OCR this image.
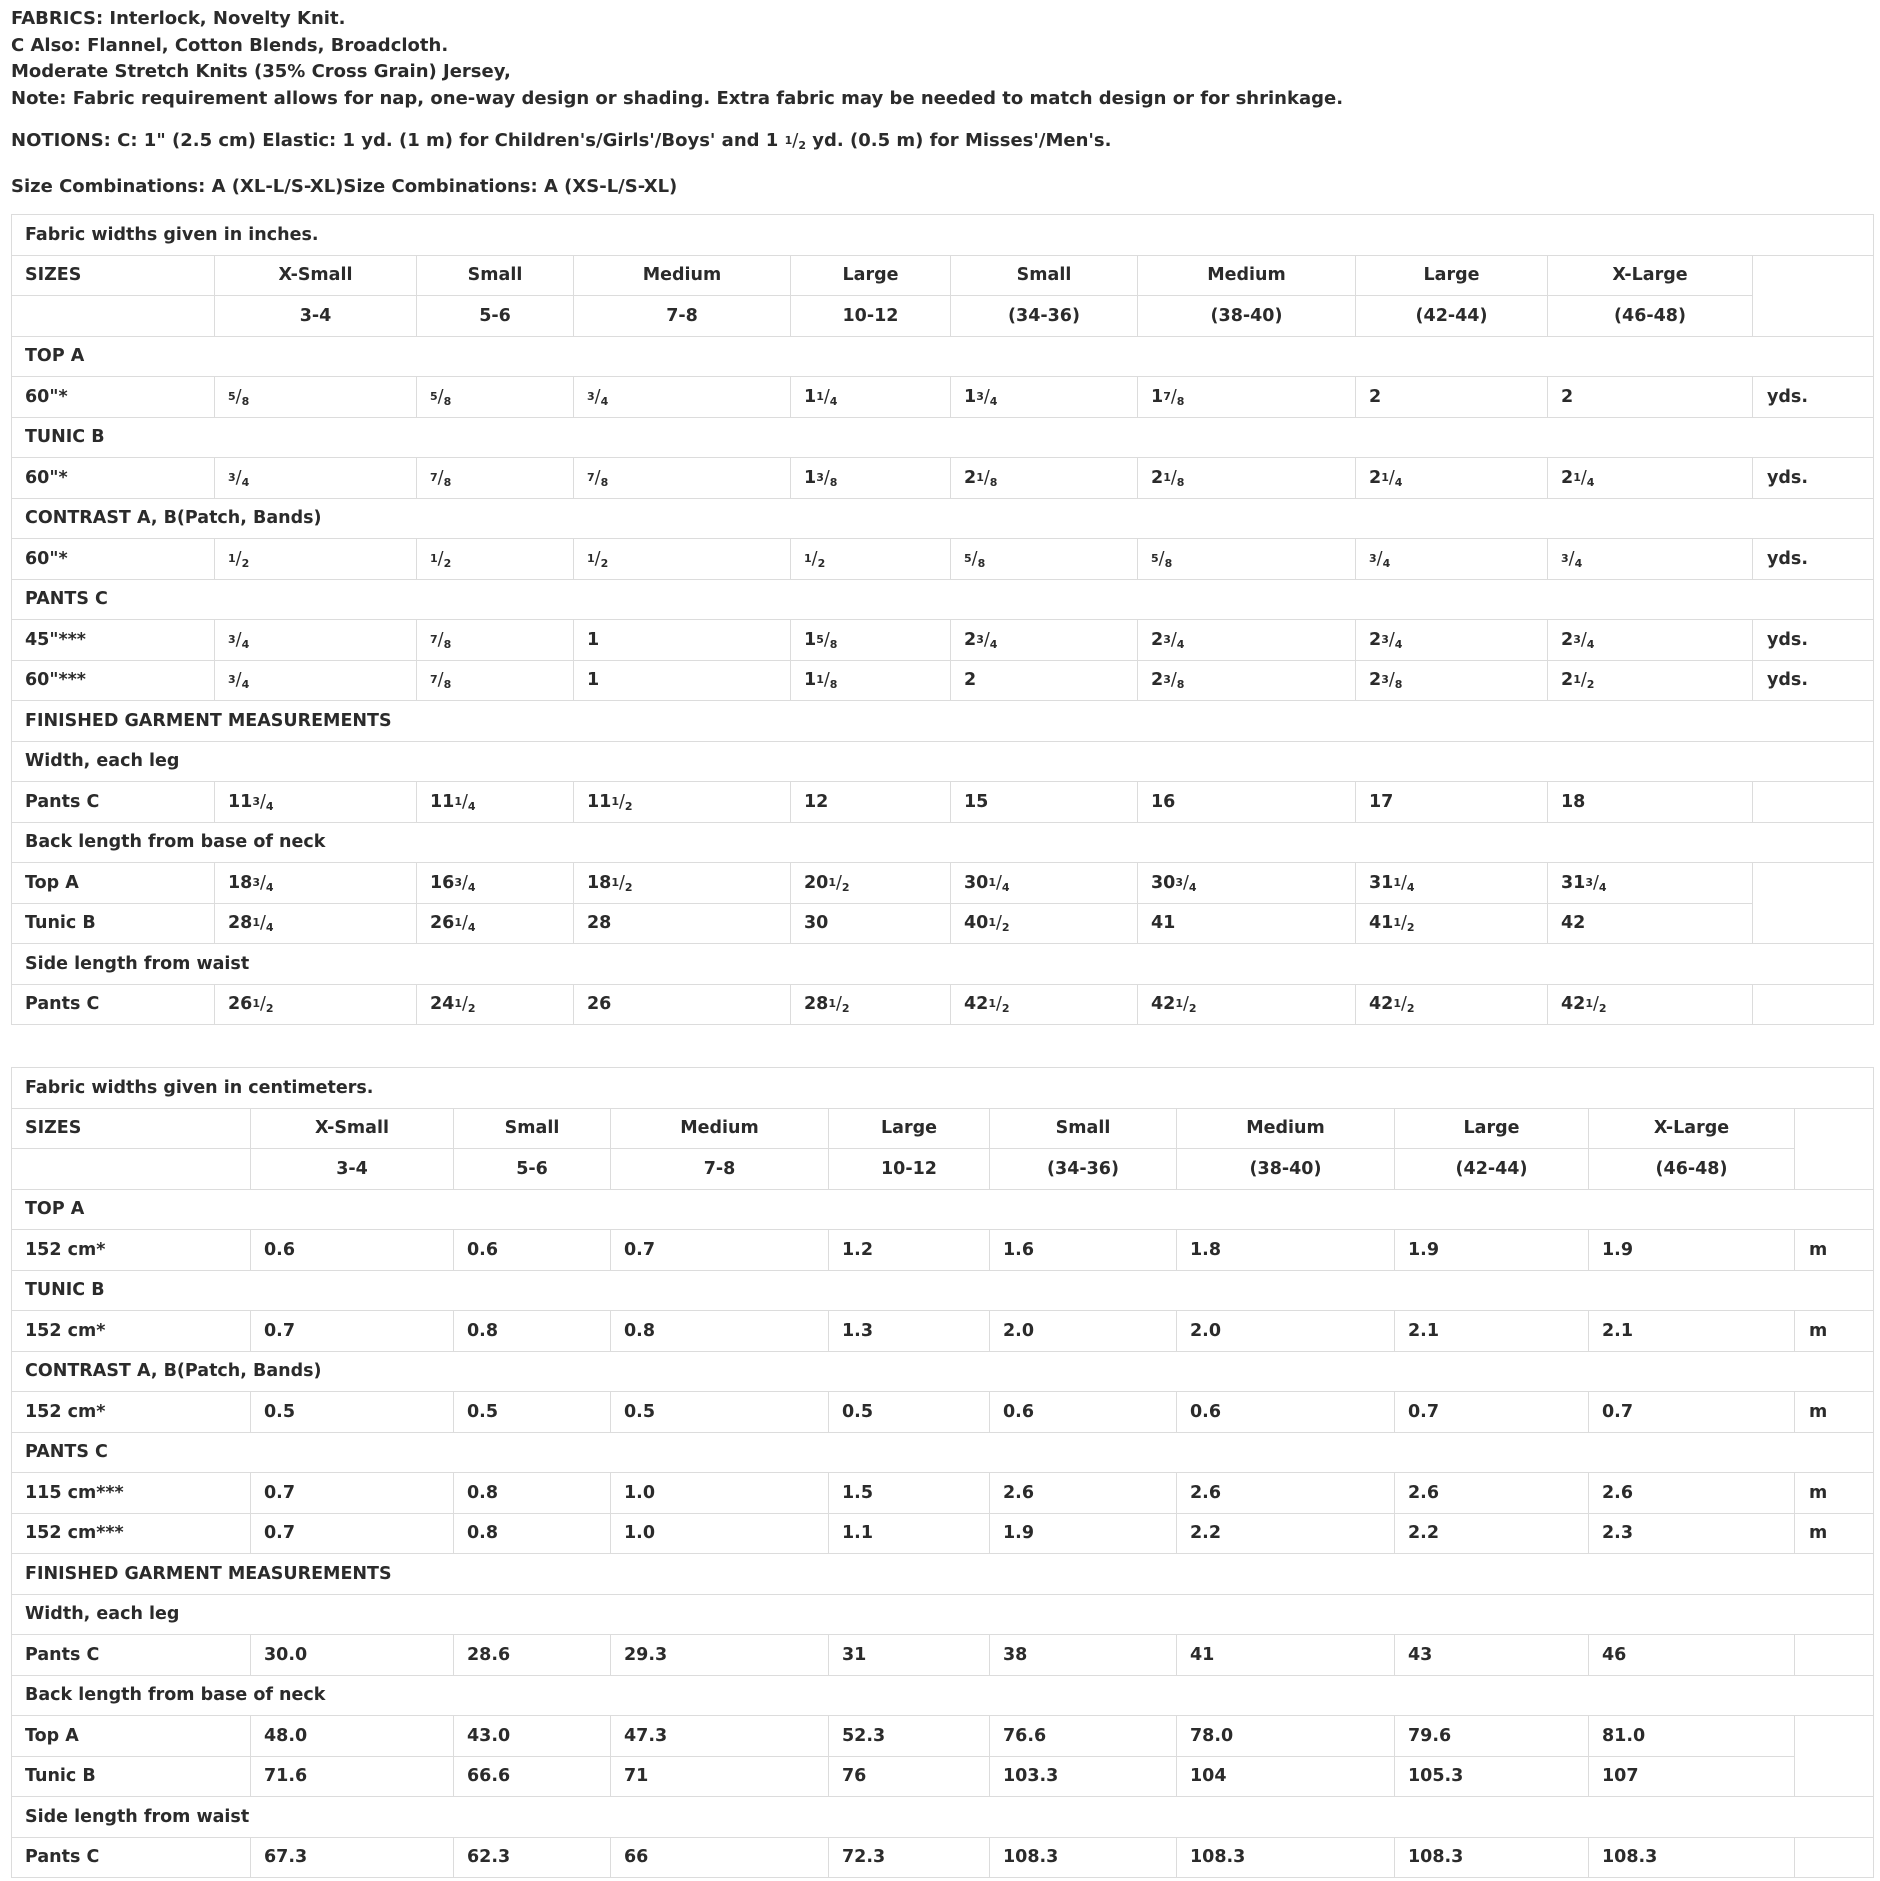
FABRICS: Interlock, Novelty Knit.
C Also: Flannel, Cotton Blends, Broadcloth.
Moderate Stretch Knits (35% Cross Grain) Jersey,
Note: Fabric requirement allows for nap, one-way design or shading. Extra fabric may be needed to match design or for shrinkage.
NOTIONS: C: 1" (2.5 cm) Elastic: 1 yd. (1 m) for Children's/Girls'/Boys' and 1 $^1/_2$ yd. (0.5 m) for Misses'/Men's.
Size Combinations: A (XL-L/S-XL)Size Combinations: A (XS-L/S-XL)
Fabric widths given in inches.									
SIZES	X-Small	Small	Medium	Large	Small	Medium	Large	X-Large	
	3-4	5-6	7-8	10-12	(34-36)	(38-40)	(42-44)	(46-48)	
TOP A									
60"*	$^5/_8$	$^5/_8$	$^3/_4$	$1^1/_4$	$1^3/_4$	$1^7/_8$	2	2	yds.
TUNIC B									
60"*	$^3/_4$	$^7/_8$	$^7/_8$	$1^3/_8$	$2^1/_8$	$2^1/_8$	$2^1/_4$	$2^1/_4$	yds.
CONTRAST A, B(Patch, Bands)									
60"*	$^1/_2$	$^1/_2$	$^1/_2$	$^1/_2$	$^5/_8$	$^5/_8$	$^3/_4$	$^3/_4$	yds.
PANTS C									
45"***	$^3/_4$	$^7/_8$	1	$1^5/_8$	$2^3/_4$	$2^3/_4$	$2^3/_4$	$2^3/_4$	yds.
60"***	$^3/_4$	$^7/_8$	1	$1^1/_8$	2	$2^3/_8$	$2^3/_8$	$2^1/_2$	yds.
FINISHED GARMENT MEASUREMENTS									
Width, each leg									
Pants C	$11^3/_4$	$11^1/_4$	$11^1/_2$	12	15	16	17	18	
Back length from base of neck									
Top A	$18^3/_4$	$16^3/_4$	$18^1/_2$	$20^1/_2$	$30^1/_4$	$30^3/_4$	$31^1/_4$	$31^3/_4$	
Tunic B	$28^1/_4$	$26^1/_4$	28	30	$40^1/_2$	41	$41^1/_2$	42	
Side length from waist									
Pants C	$26^1/_2$	$24^1/_2$	26	$28^1/_2$	$42^1/_2$	$42^1/_2$	$42^1/_2$	$42^1/_2$	
Fabric widths given in centimeters.									
SIZES	X-Small	Small	Medium	Large	Small	Medium	Large	X-Large	
	3-4	5-6	7-8	10-12	(34-36)	(38-40)	(42-44)	(46-48)	
TOP A									
152 cm*	0.6	0.6	0.7	1.2	1.6	1.8	1.9	1.9	m
TUNIC B									
152 cm*	0.7	0.8	0.8	1.3	2.0	2.0	2.1	2.1	m
CONTRAST A, B(Patch, Bands)									
152 cm*	0.5	0.5	0.5	0.5	0.6	0.6	0.7	0.7	m
PANTS C									
115 cm***	0.7	0.8	1.0	1.5	2.6	2.6	2.6	2.6	m
152 cm***	0.7	0.8	1.0	1.1	1.9	2.2	2.2	2.3	m
FINISHED GARMENT MEASUREMENTS									
Width, each leg									
Pants C	30.0	28.6	29.3	31	38	41	43	46	
Back length from base of neck									
Top A	48.0	43.0	47.3	52.3	76.6	78.0	79.6	81.0	
Tunic B	71.6	66.6	71	76	103.3	104	105.3	107	
Side length from waist									
Pants C	67.3	62.3	66	72.3	108.3	108.3	108.3	108.3	
